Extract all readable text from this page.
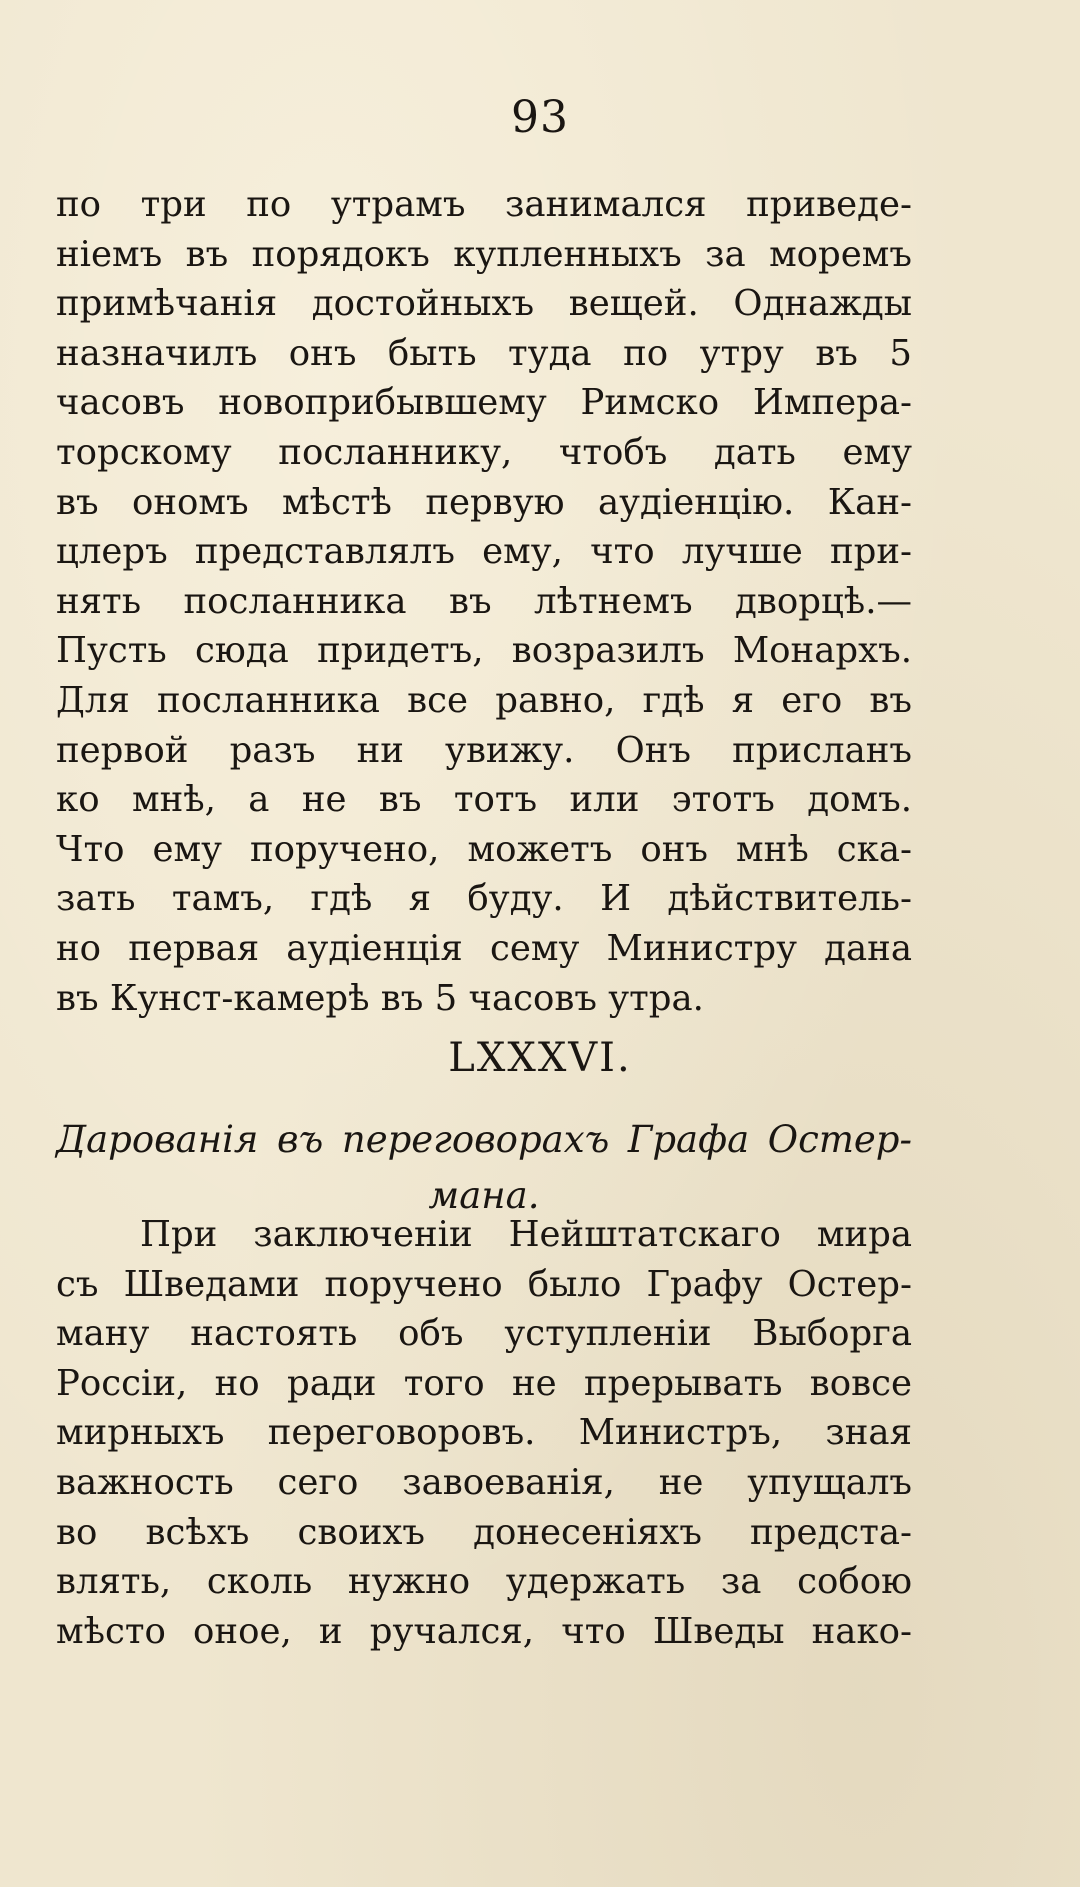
93
по три по утрамъ занимался приведе-
ніемъ въ порядокъ купленныхъ за моремъ
примѣчанія достойныхъ вещей. Однажды
назначилъ онъ быть туда по утру въ 5
часовъ новоприбывшему Римско Импера-
торскому посланнику, чтобъ дать ему
въ ономъ мѣстѣ первую аудіенцію. Кан-
цлеръ представлялъ ему, что лучше при-
нять посланника въ лѣтнемъ дворцѣ.—
Пусть сюда придетъ, возразилъ Монархъ.
Для посланника все равно, гдѣ я его въ
первой разъ ни увижу. Онъ присланъ
ко мнѣ, а не въ тотъ или этотъ домъ.
Что ему поручено, можетъ онъ мнѣ ска-
зать тамъ, гдѣ я буду. И дѣйствитель-
но первая аудіенція сему Министру дана
въ Кунст-камерѣ въ 5 часовъ утра.
LXXXVI.
Дарованія въ переговорахъ Графа Остер-
мана.
При заключеніи Нейштатскаго мира
съ Шведами поручено было Графу Остер-
ману настоять объ уступленіи Выборга
Россіи, но ради того не прерывать вовсе
мирныхъ переговоровъ. Министръ, зная
важность сего завоеванія, не упущалъ
во всѣхъ своихъ донесеніяхъ предста-
влять, сколь нужно удержать за собою
мѣсто оное, и ручался, что Шведы нако-
